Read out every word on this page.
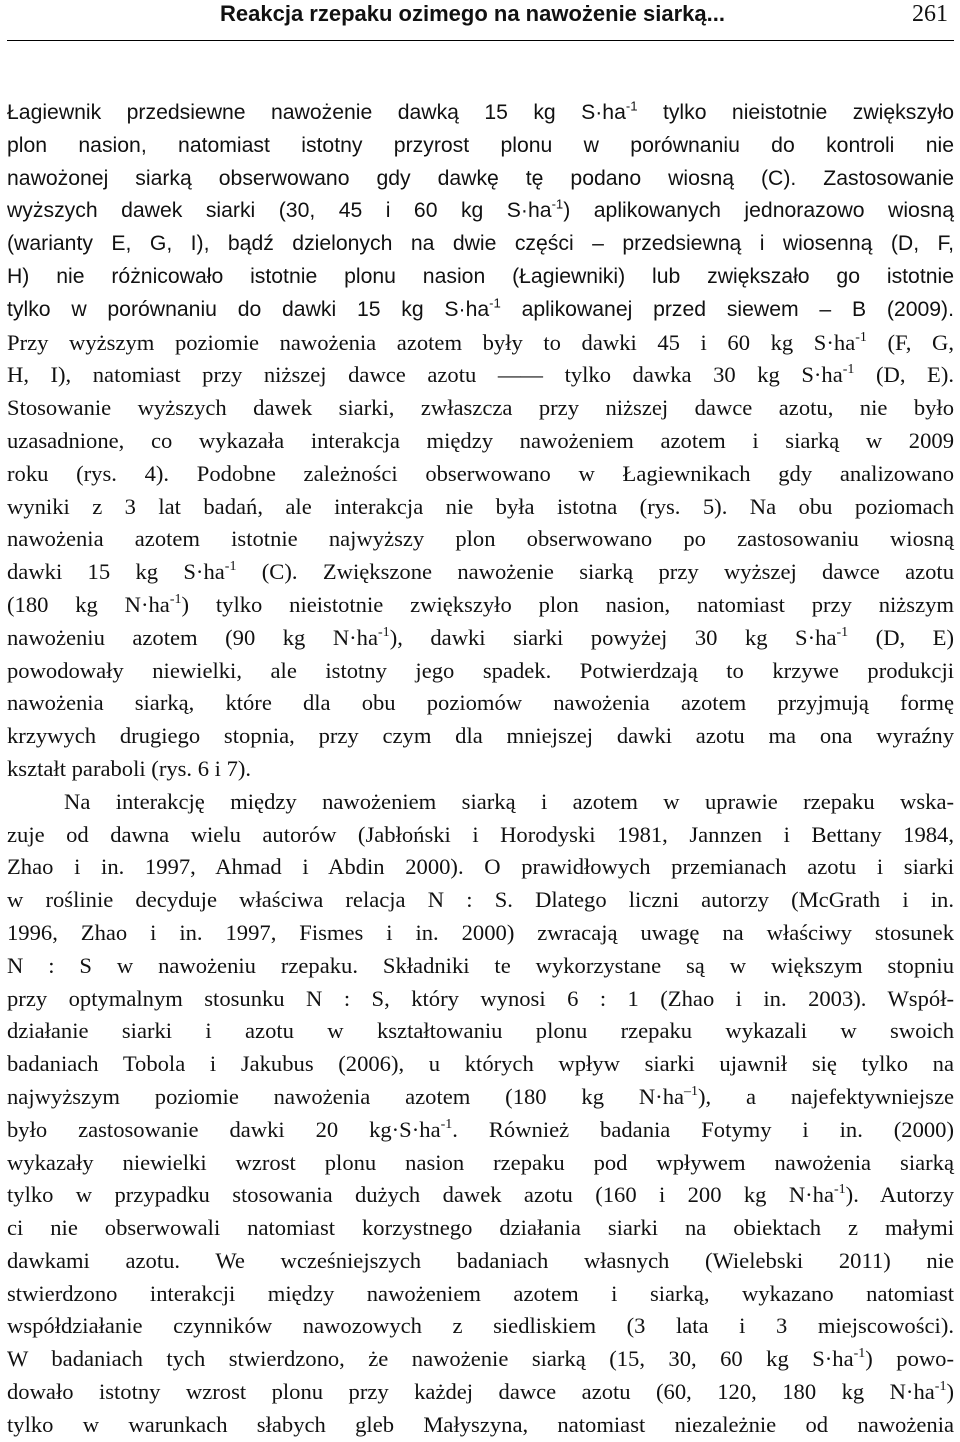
Reakcja rzepaku ozimego na nawożenie siarką...	261
Łagiewnik przedsiewne nawożenie dawką 15 kg $S\cdot ha^{-1}$ tylko nieistotnie zwiększyło
plon nasion, natomiast istotny przyrost plonu w porównaniu do kontroli nie
nawożonej siarką obserwowano gdy dawkę tę podano wiosną (C). Zastosowanie
wyższych dawek siarki (30, 45 i 60 kg $S\cdot ha^{-1}$) aplikowanych jednorazowo wiosną
(warianty E, G, I), bądź dzielonych na dwie części – przedsiewną i wiosenną (D, F,
H) nie różnicowało istotnie plonu nasion (Łagiewniki) lub zwiększało go istotnie
tylko w porównaniu do dawki 15 kg $S\cdot ha^{-1}$ aplikowanej przed siewem – B (2009).
Przy wyższym poziomie nawożenia azotem były to dawki 45 i 60 kg $S\cdot ha^{-1}$ (F, G,
H, I), natomiast przy niższej dawce azotu —— tylko dawka 30 kg $S\cdot ha^{-1}$ (D, E).
Stosowanie wyższych dawek siarki, zwłaszcza przy niższej dawce azotu, nie było
uzasadnione, co wykazała interakcja między nawożeniem azotem i siarką w 2009
roku (rys. 4). Podobne zależności obserwowano w Łagiewnikach gdy analizowano
wyniki z 3 lat badań, ale interakcja nie była istotna (rys. 5). Na obu poziomach
nawożenia azotem istotnie najwyższy plon obserwowano po zastosowaniu wiosną
dawki 15 kg $S\cdot ha^{-1}$ (C). Zwiększone nawożenie siarką przy wyższej dawce azotu
(180 kg $N\cdot ha^{-1}$) tylko nieistotnie zwiększyło plon nasion, natomiast przy niższym
nawożeniu azotem (90 kg $N\cdot ha^{-1}$), dawki siarki powyżej 30 kg $S\cdot ha^{-1}$ (D, E)
powodowały niewielki, ale istotny jego spadek. Potwierdzają to krzywe produkcji
nawożenia siarką, które dla obu poziomów nawożenia azotem przyjmują formę
krzywych drugiego stopnia, przy czym dla mniejszej dawki azotu ma ona wyraźny
kształt paraboli (rys. 6 i 7).
Na interakcję między nawożeniem siarką i azotem w uprawie rzepaku wska-
zuje od dawna wielu autorów (Jabłoński i Horodyski 1981, Jannzen i Bettany 1984,
Zhao i in. 1997, Ahmad i Abdin 2000). O prawidłowych przemianach azotu i siarki
w roślinie decyduje właściwa relacja N : S. Dlatego liczni autorzy (McGrath i in.
1996, Zhao i in. 1997, Fismes i in. 2000) zwracają uwagę na właściwy stosunek
N : S w nawożeniu rzepaku. Składniki te wykorzystane są w większym stopniu
przy optymalnym stosunku N : S, który wynosi 6 : 1 (Zhao i in. 2003). Współ-
działanie siarki i azotu w kształtowaniu plonu rzepaku wykazali w swoich
badaniach Tobola i Jakubus (2006), u których wpływ siarki ujawnił się tylko na
najwyższym poziomie nawożenia azotem (180 kg $N\cdot ha^{-1}$), a najefektywniejsze
było zastosowanie dawki 20 $kg\cdot S\cdot ha^{-1}$. Również badania Fotymy i in. (2000)
wykazały niewielki wzrost plonu nasion rzepaku pod wpływem nawożenia siarką
tylko w przypadku stosowania dużych dawek azotu (160 i 200 kg $N\cdot ha^{-1}$). Autorzy
ci nie obserwowali natomiast korzystnego działania siarki na obiektach z małymi
dawkami azotu. We wcześniejszych badaniach własnych (Wielebski 2011) nie
stwierdzono interakcji między nawożeniem azotem i siarką, wykazano natomiast
współdziałanie czynników nawozowych z siedliskiem (3 lata i 3 miejscowości).
W badaniach tych stwierdzono, że nawożenie siarką (15, 30, 60 kg $S\cdot ha^{-1}$) powo-
dowało istotny wzrost plonu przy każdej dawce azotu (60, 120, 180 kg $N\cdot ha^{-1}$)
tylko w warunkach słabych gleb Małyszyna, natomiast niezależnie od nawożenia
